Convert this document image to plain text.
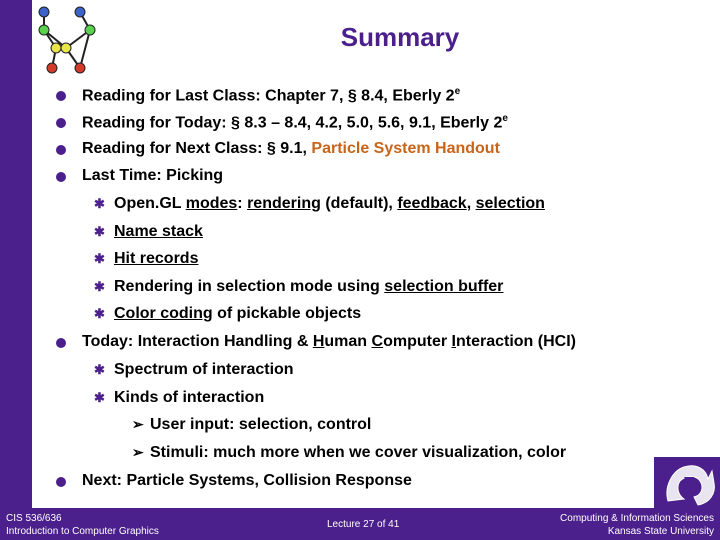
Summary
Reading for Last Class: Chapter 7, § 8.4, Eberly 2e
Reading for Today: § 8.3 – 8.4, 4.2, 5.0, 5.6, 9.1, Eberly 2e
Reading for Next Class: § 9.1, Particle System Handout
Last Time: Picking
✱ Open.GL modes: rendering (default), feedback, selection
✱ Name stack
✱ Hit records
✱ Rendering in selection mode using selection buffer
✱ Color coding of pickable objects
Today: Interaction Handling & Human Computer Interaction (HCI)
✱ Spectrum of interaction
✱ Kinds of interaction
➢ User input: selection, control
➢ Stimuli: much more when we cover visualization, color
Next: Particle Systems, Collision Response
CIS 536/636
Introduction to Computer Graphics
Lecture 27 of 41
Computing & Information Sciences
Kansas State University
